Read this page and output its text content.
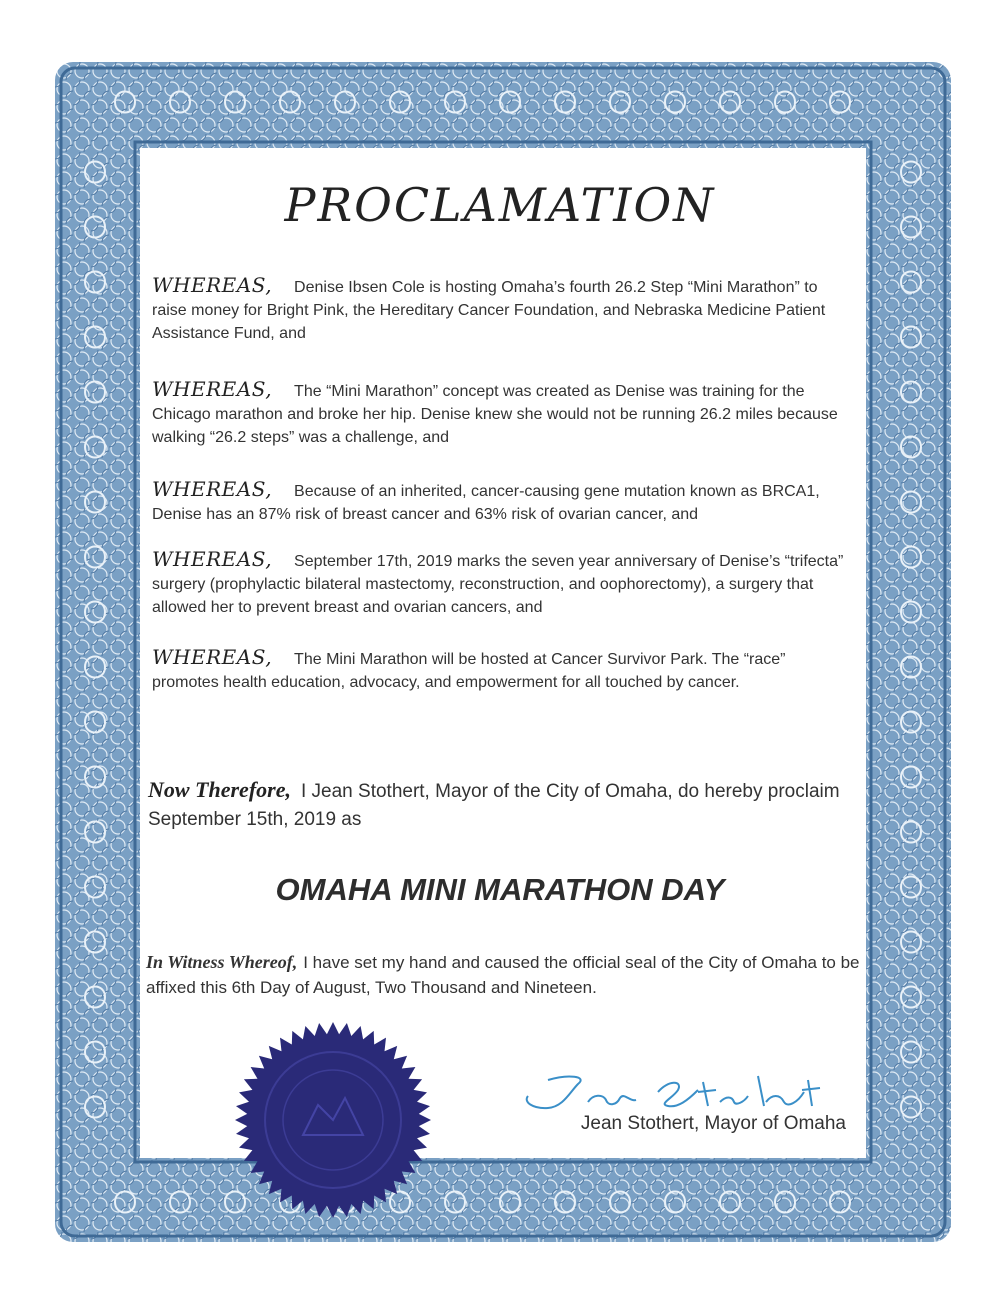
PROCLAMATION
WHEREAS, Denise Ibsen Cole is hosting Omaha’s fourth 26.2 Step “Mini Marathon” to raise money for Bright Pink, the Hereditary Cancer Foundation, and Nebraska Medicine Patient Assistance Fund, and
WHEREAS, The “Mini Marathon” concept was created as Denise was training for the Chicago marathon and broke her hip. Denise knew she would not be running 26.2 miles because walking “26.2 steps” was a challenge, and
WHEREAS, Because of an inherited, cancer-causing gene mutation known as BRCA1, Denise has an 87% risk of breast cancer and 63% risk of ovarian cancer, and
WHEREAS, September 17th, 2019 marks the seven year anniversary of Denise’s “trifecta” surgery (prophylactic bilateral mastectomy, reconstruction, and oophorectomy), a surgery that allowed her to prevent breast and ovarian cancers, and
WHEREAS, The Mini Marathon will be hosted at Cancer Survivor Park. The “race” promotes health education, advocacy, and empowerment for all touched by cancer.
Now Therefore, I Jean Stothert, Mayor of the City of Omaha, do hereby proclaim September 15th, 2019 as
OMAHA MINI MARATHON DAY
In Witness Whereof, I have set my hand and caused the official seal of the City of Omaha to be affixed this 6th Day of August, Two Thousand and Nineteen.
Jean Stothert, Mayor of Omaha
